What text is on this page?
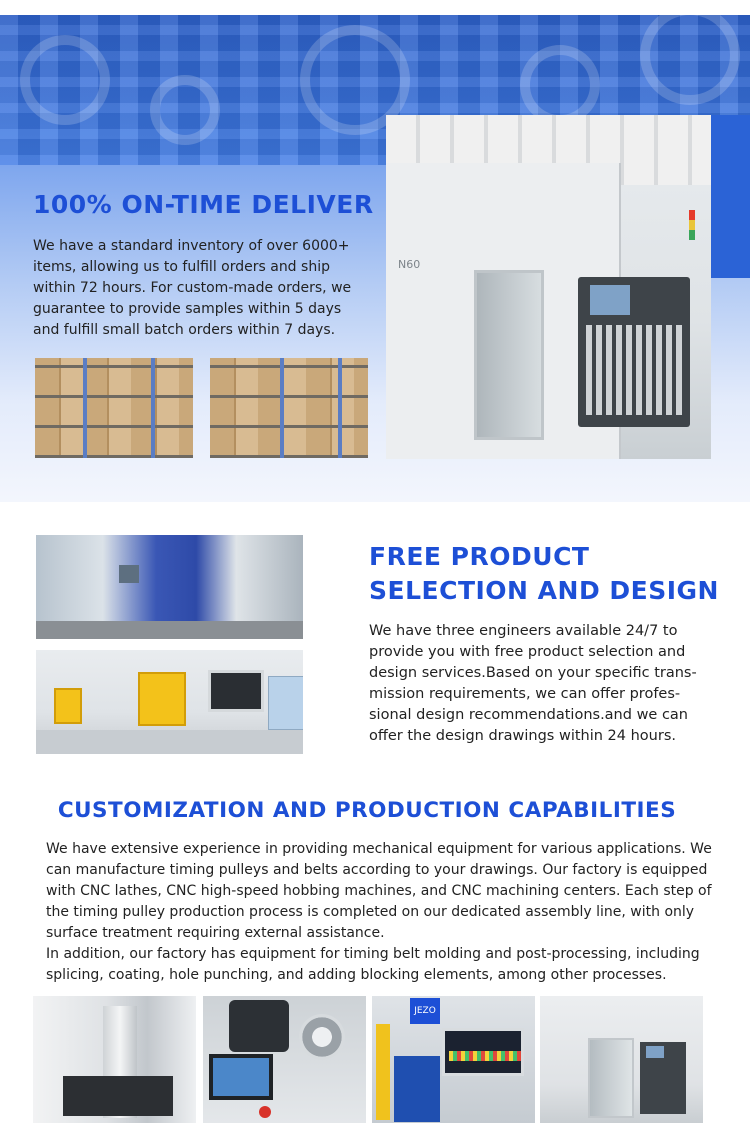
100% ON-TIME DELIVER
We have a standard inventory of over 6000+ items, allowing us to fulfill orders and ship within 72 hours. For custom-made orders, we guarantee to provide samples within 5 days and fulfill small batch orders within 7 days.
N60
FREE PRODUCT
SELECTION AND DESIGN
We have three engineers available 24/7 to provide you with free product selection and design services.Based on your specific trans-mission requirements, we can offer profes-sional design recommendations.and we can offer the design drawings within 24 hours.
CUSTOMIZATION AND PRODUCTION CAPABILITIES
We have extensive experience in providing mechanical equipment for various applications. We can manufacture timing pulleys and belts according to your drawings. Our factory is equipped with CNC lathes, CNC high-speed hobbing machines, and CNC machining centers. Each step of the timing pulley production process is completed on our dedicated assembly line, with only surface treatment requiring external assistance.
In addition, our factory has equipment for timing belt molding and post-processing, including splicing, coating, hole punching, and adding blocking elements, among other processes.
JEZO
